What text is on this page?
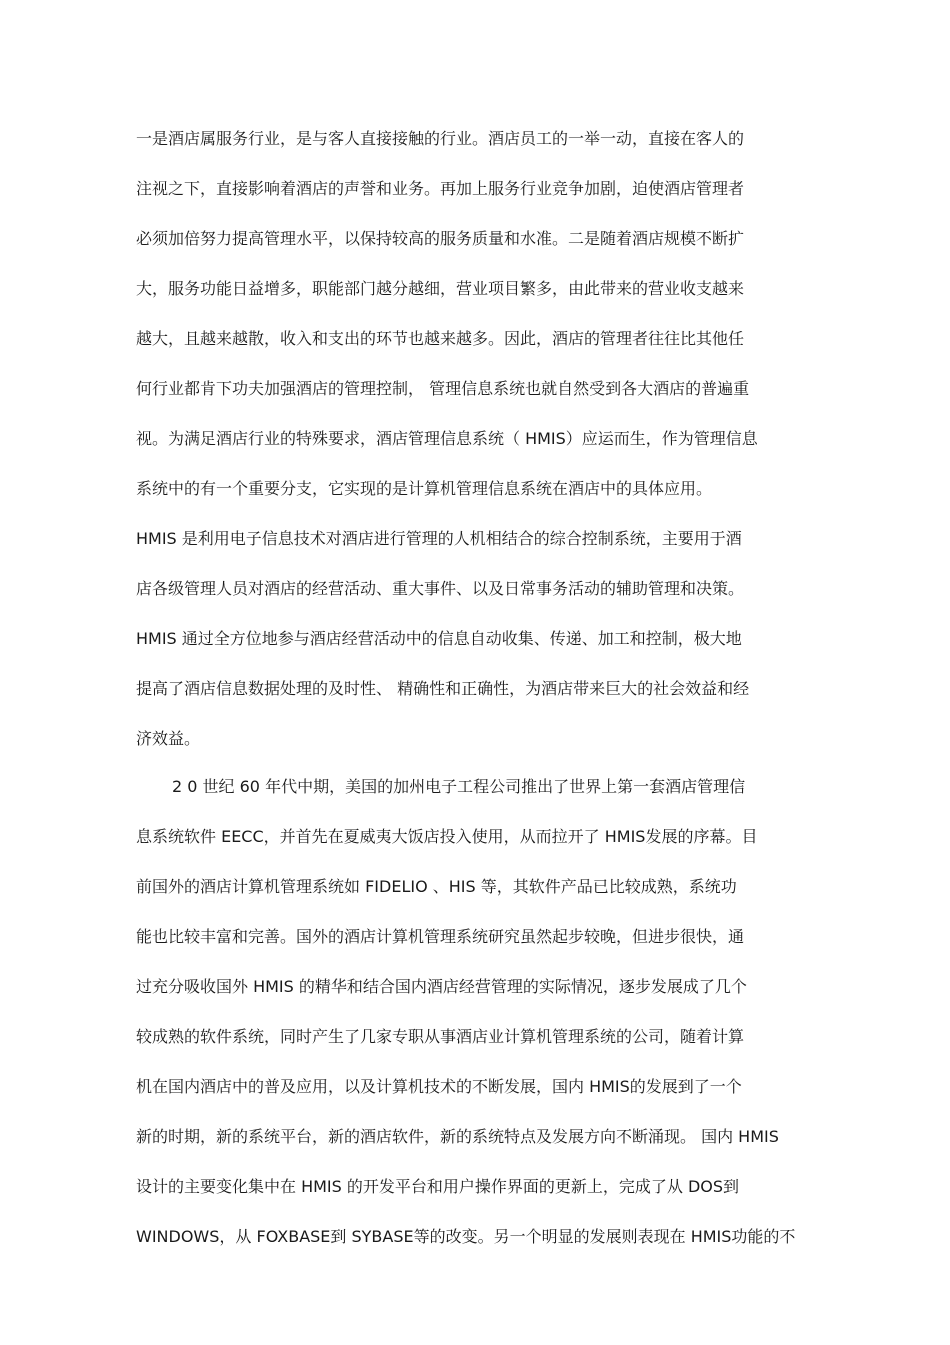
一是酒店属服务行业，是与客人直接接触的行业。酒店员工的一举一动，直接在客人的
注视之下，直接影响着酒店的声誉和业务。再加上服务行业竞争加剧，迫使酒店管理者
必须加倍努力提高管理水平，以保持较高的服务质量和水准。二是随着酒店规模不断扩
大，服务功能日益增多，职能部门越分越细，营业项目繁多，由此带来的营业收支越来
越大，且越来越散，收入和支出的环节也越来越多。因此，酒店的管理者往往比其他任
何行业都肯下功夫加强酒店的管理控制， 管理信息系统也就自然受到各大酒店的普遍重
视。为满足酒店行业的特殊要求，酒店管理信息系统（ HMIS）应运而生，作为管理信息
系统中的有一个重要分支，它实现的是计算机管理信息系统在酒店中的具体应用。
HMIS 是利用电子信息技术对酒店进行管理的人机相结合的综合控制系统，主要用于酒
店各级管理人员对酒店的经营活动、重大事件、以及日常事务活动的辅助管理和决策。
HMIS 通过全方位地参与酒店经营活动中的信息自动收集、传递、加工和控制，极大地
提高了酒店信息数据处理的及时性、 精确性和正确性，为酒店带来巨大的社会效益和经
济效益。
2 0 世纪 60 年代中期，美国的加州电子工程公司推出了世界上第一套酒店管理信
息系统软件 EECC，并首先在夏威夷大饭店投入使用，从而拉开了 HMIS发展的序幕。目
前国外的酒店计算机管理系统如 FIDELIO 、HIS 等，其软件产品已比较成熟，系统功
能也比较丰富和完善。国外的酒店计算机管理系统研究虽然起步较晚，但进步很快，通
过充分吸收国外 HMIS 的精华和结合国内酒店经营管理的实际情况，逐步发展成了几个
较成熟的软件系统，同时产生了几家专职从事酒店业计算机管理系统的公司，随着计算
机在国内酒店中的普及应用，以及计算机技术的不断发展，国内 HMIS的发展到了一个
新的时期，新的系统平台，新的酒店软件，新的系统特点及发展方向不断涌现。 国内 HMIS
设计的主要变化集中在 HMIS 的开发平台和用户操作界面的更新上，完成了从 DOS到
WINDOWS，从 FOXBASE到 SYBASE等的改变。另一个明显的发展则表现在 HMIS功能的不
